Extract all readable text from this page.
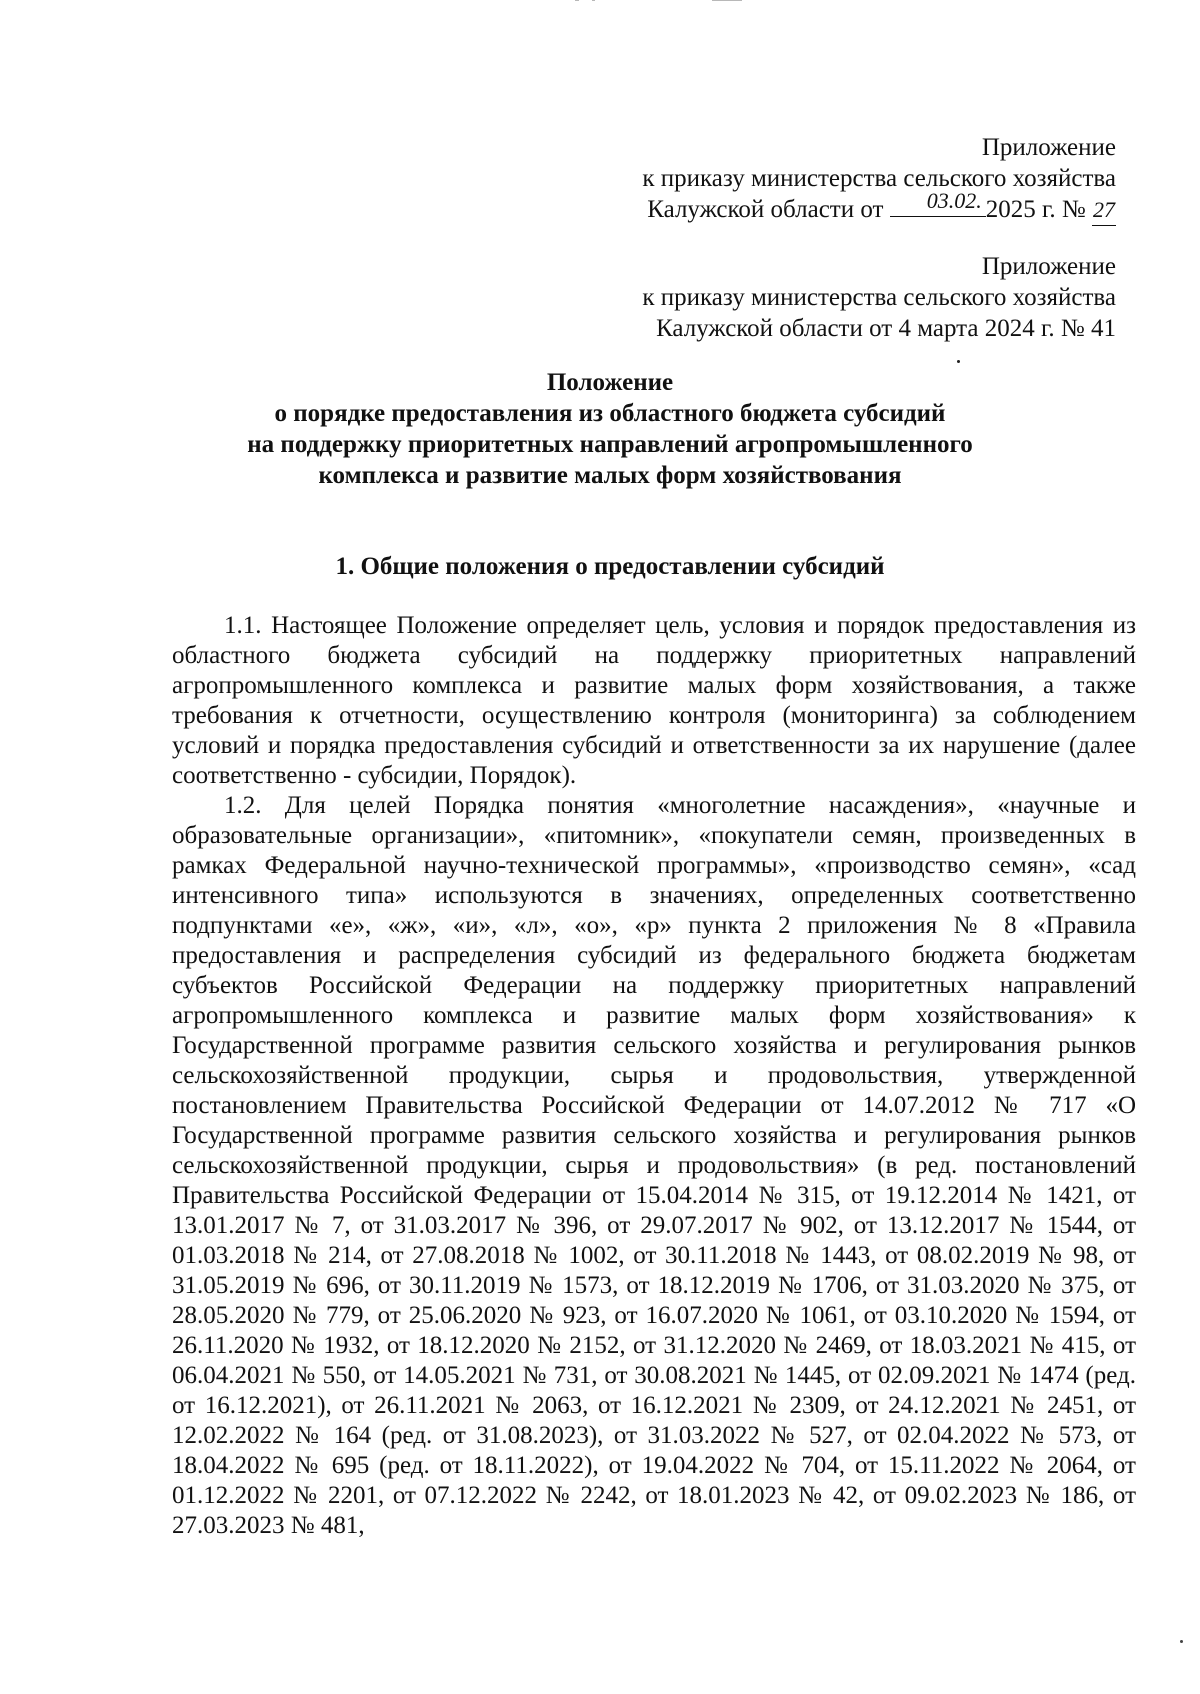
Приложение
к приказу министерства сельского хозяйства
Калужской области от 03.02. 2025 г. № 27
Приложение
к приказу министерства сельского хозяйства
Калужской области от 4 марта 2024 г. № 41
Положение
о порядке предоставления из областного бюджета субсидий
на поддержку приоритетных направлений агропромышленного
комплекса и развитие малых форм хозяйствования
1. Общие положения о предоставлении субсидий

1.1. Настоящее Положение определяет цель, условия и порядок предоставления из областного бюджета субсидий на поддержку приоритетных направлений агропромышленного комплекса и развитие малых форм хозяйствования, а также требования к отчетности, осуществлению контроля (мониторинга) за соблюдением условий и порядка предоставления субсидий и ответственности за их нарушение (далее соответственно - субсидии, Порядок).

1.2. Для целей Порядка понятия «многолетние насаждения», «научные и образовательные организации», «питомник», «покупатели семян, произведенных в рамках Федеральной научно-технической программы», «производство семян», «сад интенсивного типа» используются в значениях, определенных соответственно подпунктами «е», «ж», «и», «л», «о», «р» пункта 2 приложения № 8 «Правила предоставления и распределения субсидий из федерального бюджета бюджетам субъектов Российской Федерации на поддержку приоритетных направлений агропромышленного комплекса и развитие малых форм хозяйствования» к Государственной программе развития сельского хозяйства и регулирования рынков сельскохозяйственной продукции, сырья и продовольствия, утвержденной постановлением Правительства Российской Федерации от 14.07.2012 № 717 «О Государственной программе развития сельского хозяйства и регулирования рынков сельскохозяйственной продукции, сырья и продовольствия» (в ред. постановлений Правительства Российской Федерации от 15.04.2014 № 315, от 19.12.2014 № 1421, от 13.01.2017 № 7, от 31.03.2017 № 396, от 29.07.2017 № 902, от 13.12.2017 № 1544, от 01.03.2018 № 214, от 27.08.2018 № 1002, от 30.11.2018 № 1443, от 08.02.2019 № 98, от 31.05.2019 № 696, от 30.11.2019 № 1573, от 18.12.2019 № 1706, от 31.03.2020 № 375, от 28.05.2020 № 779, от 25.06.2020 № 923, от 16.07.2020 № 1061, от 03.10.2020 № 1594, от 26.11.2020 № 1932, от 18.12.2020 № 2152, от 31.12.2020 № 2469, от 18.03.2021 № 415, от 06.04.2021 № 550, от 14.05.2021 № 731, от 30.08.2021 № 1445, от 02.09.2021 № 1474 (ред. от 16.12.2021), от 26.11.2021 № 2063, от 16.12.2021 № 2309, от 24.12.2021 № 2451, от 12.02.2022 № 164 (ред. от 31.08.2023), от 31.03.2022 № 527, от 02.04.2022 № 573, от 18.04.2022 № 695 (ред. от 18.11.2022), от 19.04.2022 № 704, от 15.11.2022 № 2064, от 01.12.2022 № 2201, от 07.12.2022 № 2242, от 18.01.2023 № 42, от 09.02.2023 № 186, от 27.03.2023 № 481,
